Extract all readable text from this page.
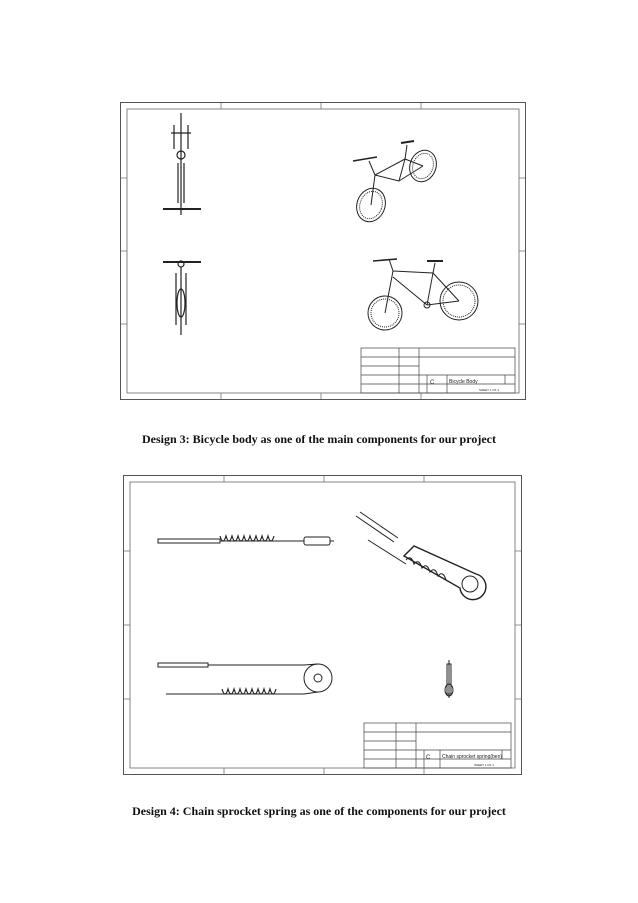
Bicycle Body
C
SHEET 1 OF 1
Design 3: Bicycle body as one of the main components for our project
Chain sprocket spring(ben)
C
SHEET 1 OF 1
Design 4: Chain sprocket spring as one of the components for our project
